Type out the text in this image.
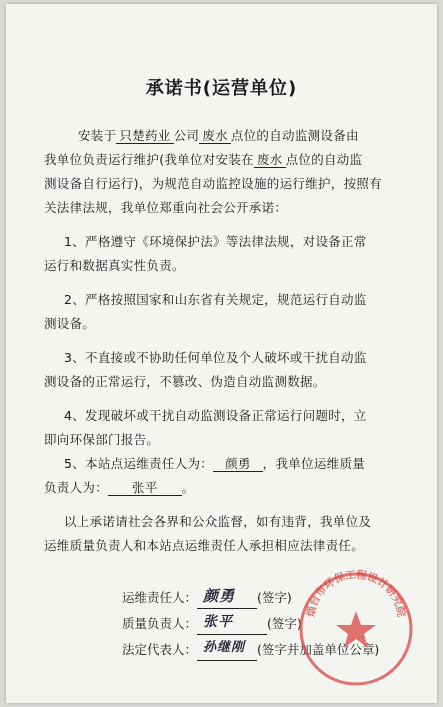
承诺书(运营单位)
安装于 只楚药业 公司 废水 点位的自动监测设备由
我单位负责运行维护(我单位对安装在 废水 点位的自动监
测设备自行运行)，为规范自动监控设施的运行维护，按照有
关法律法规，我单位郑重向社会公开承诺：
1、严格遵守《环境保护法》等法律法规，对设备正常
运行和数据真实性负责。
2、严格按照国家和山东省有关规定，规范运行自动监
测设备。
3、不直接或不协助任何单位及个人破坏或干扰自动监
测设备的正常运行，不篡改、伪造自动监测数据。
4、发现破坏或干扰自动监测设备正常运行问题时，立
即向环保部门报告。
5、本站点运维责任人为： 颜勇 ，我单位运维质量
负责人为： 张平 。
以上承诺请社会各界和公众监督，如有违背，我单位及
运维质量负责人和本站点运维责任人承担相应法律责任。
运维责任人： 颜勇 (签字)
质量负责人： 张平	(签字)
法定代表人： 孙继刚 (签字并加盖单位公章)
烟台市环保工程设计研究院
